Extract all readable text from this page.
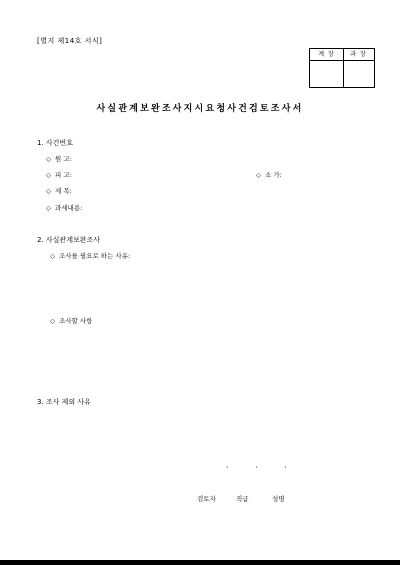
[별지 제14호 서식]
계 장	과 장
사실관계보완조사지시요청사건검토조사서
1. 사건번호
◇ 원 고:
◇ 피 고:	◇ 소 가:
◇ 세 목:
◇ 과세내용:
2. 사실관계보완조사
◇ 조사를 필요로 하는 사유:
◇ 조사할 사항
3. 조사 제외 사유
· · ·
검토자	직급	성명
